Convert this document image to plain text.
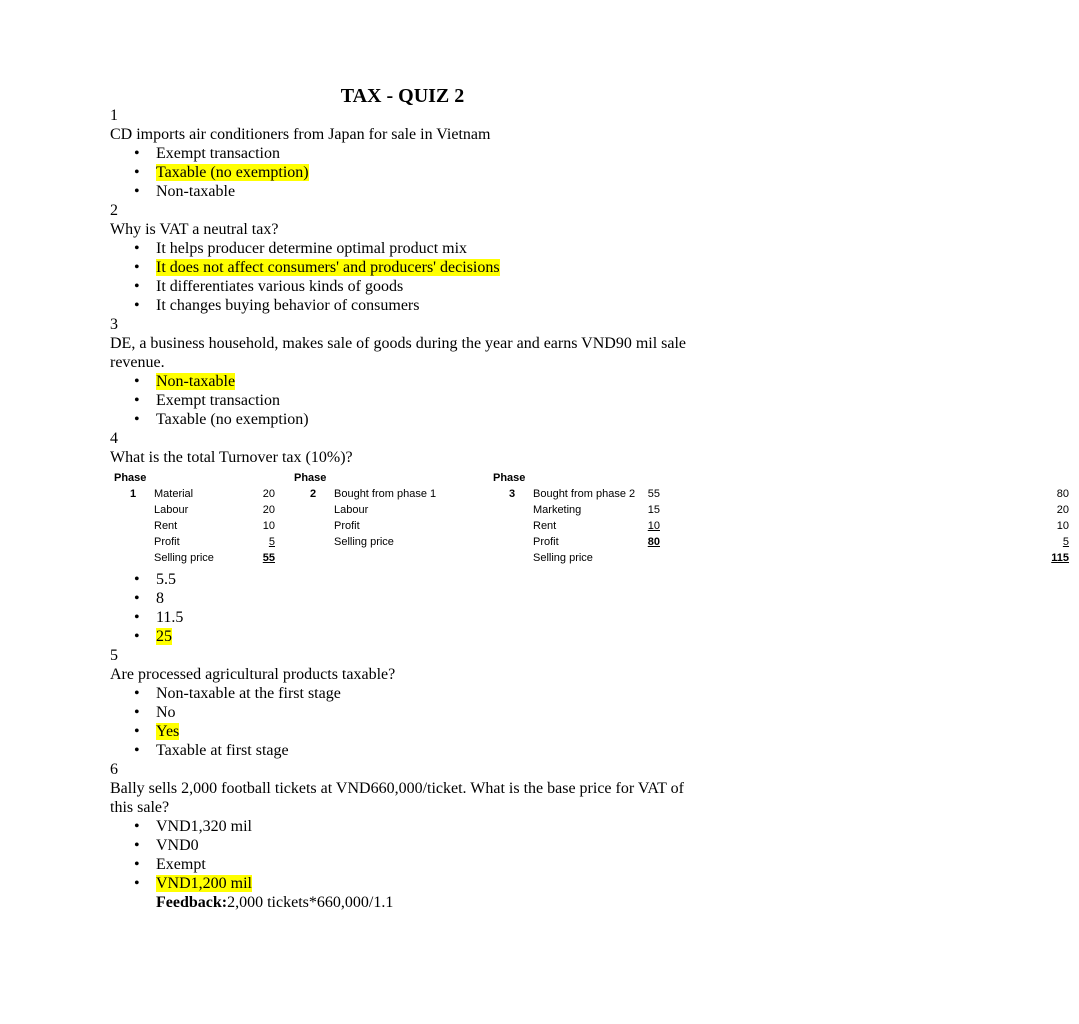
TAX - QUIZ 2
1
CD imports air conditioners from Japan for sale in Vietnam
• Exempt transaction
• Taxable (no exemption)
• Non-taxable
2
Why is VAT a neutral tax?
• It helps producer determine optimal product mix
• It does not affect consumers' and producers' decisions
• It differentiates various kinds of goods
• It changes buying behavior of consumers
3
DE, a business household, makes sale of goods during the year and earns VND90 mil sale revenue.
• Non-taxable
• Exempt transaction
• Taxable (no exemption)
4
What is the total Turnover tax (10%)?
Phase
1 Material	20
Labour	20
Rent	10
Profit	5
Selling price	55
Phase
2 Bought from phase 1	55
Labour	15
Profit	10
Selling price	80
Phase
3 Bought from phase 2	80
Marketing	20
Rent	10
Profit	5
Selling price	115
• 5.5
• 8
• 11.5
• 25
5
Are processed agricultural products taxable?
• Non-taxable at the first stage
• No
• Yes
• Taxable at first stage
6
Bally sells 2,000 football tickets at VND660,000/ticket. What is the base price for VAT of this sale?
• VND1,320 mil
• VND0
• Exempt
• VND1,200 mil
Feedback:2,000 tickets*660,000/1.1
